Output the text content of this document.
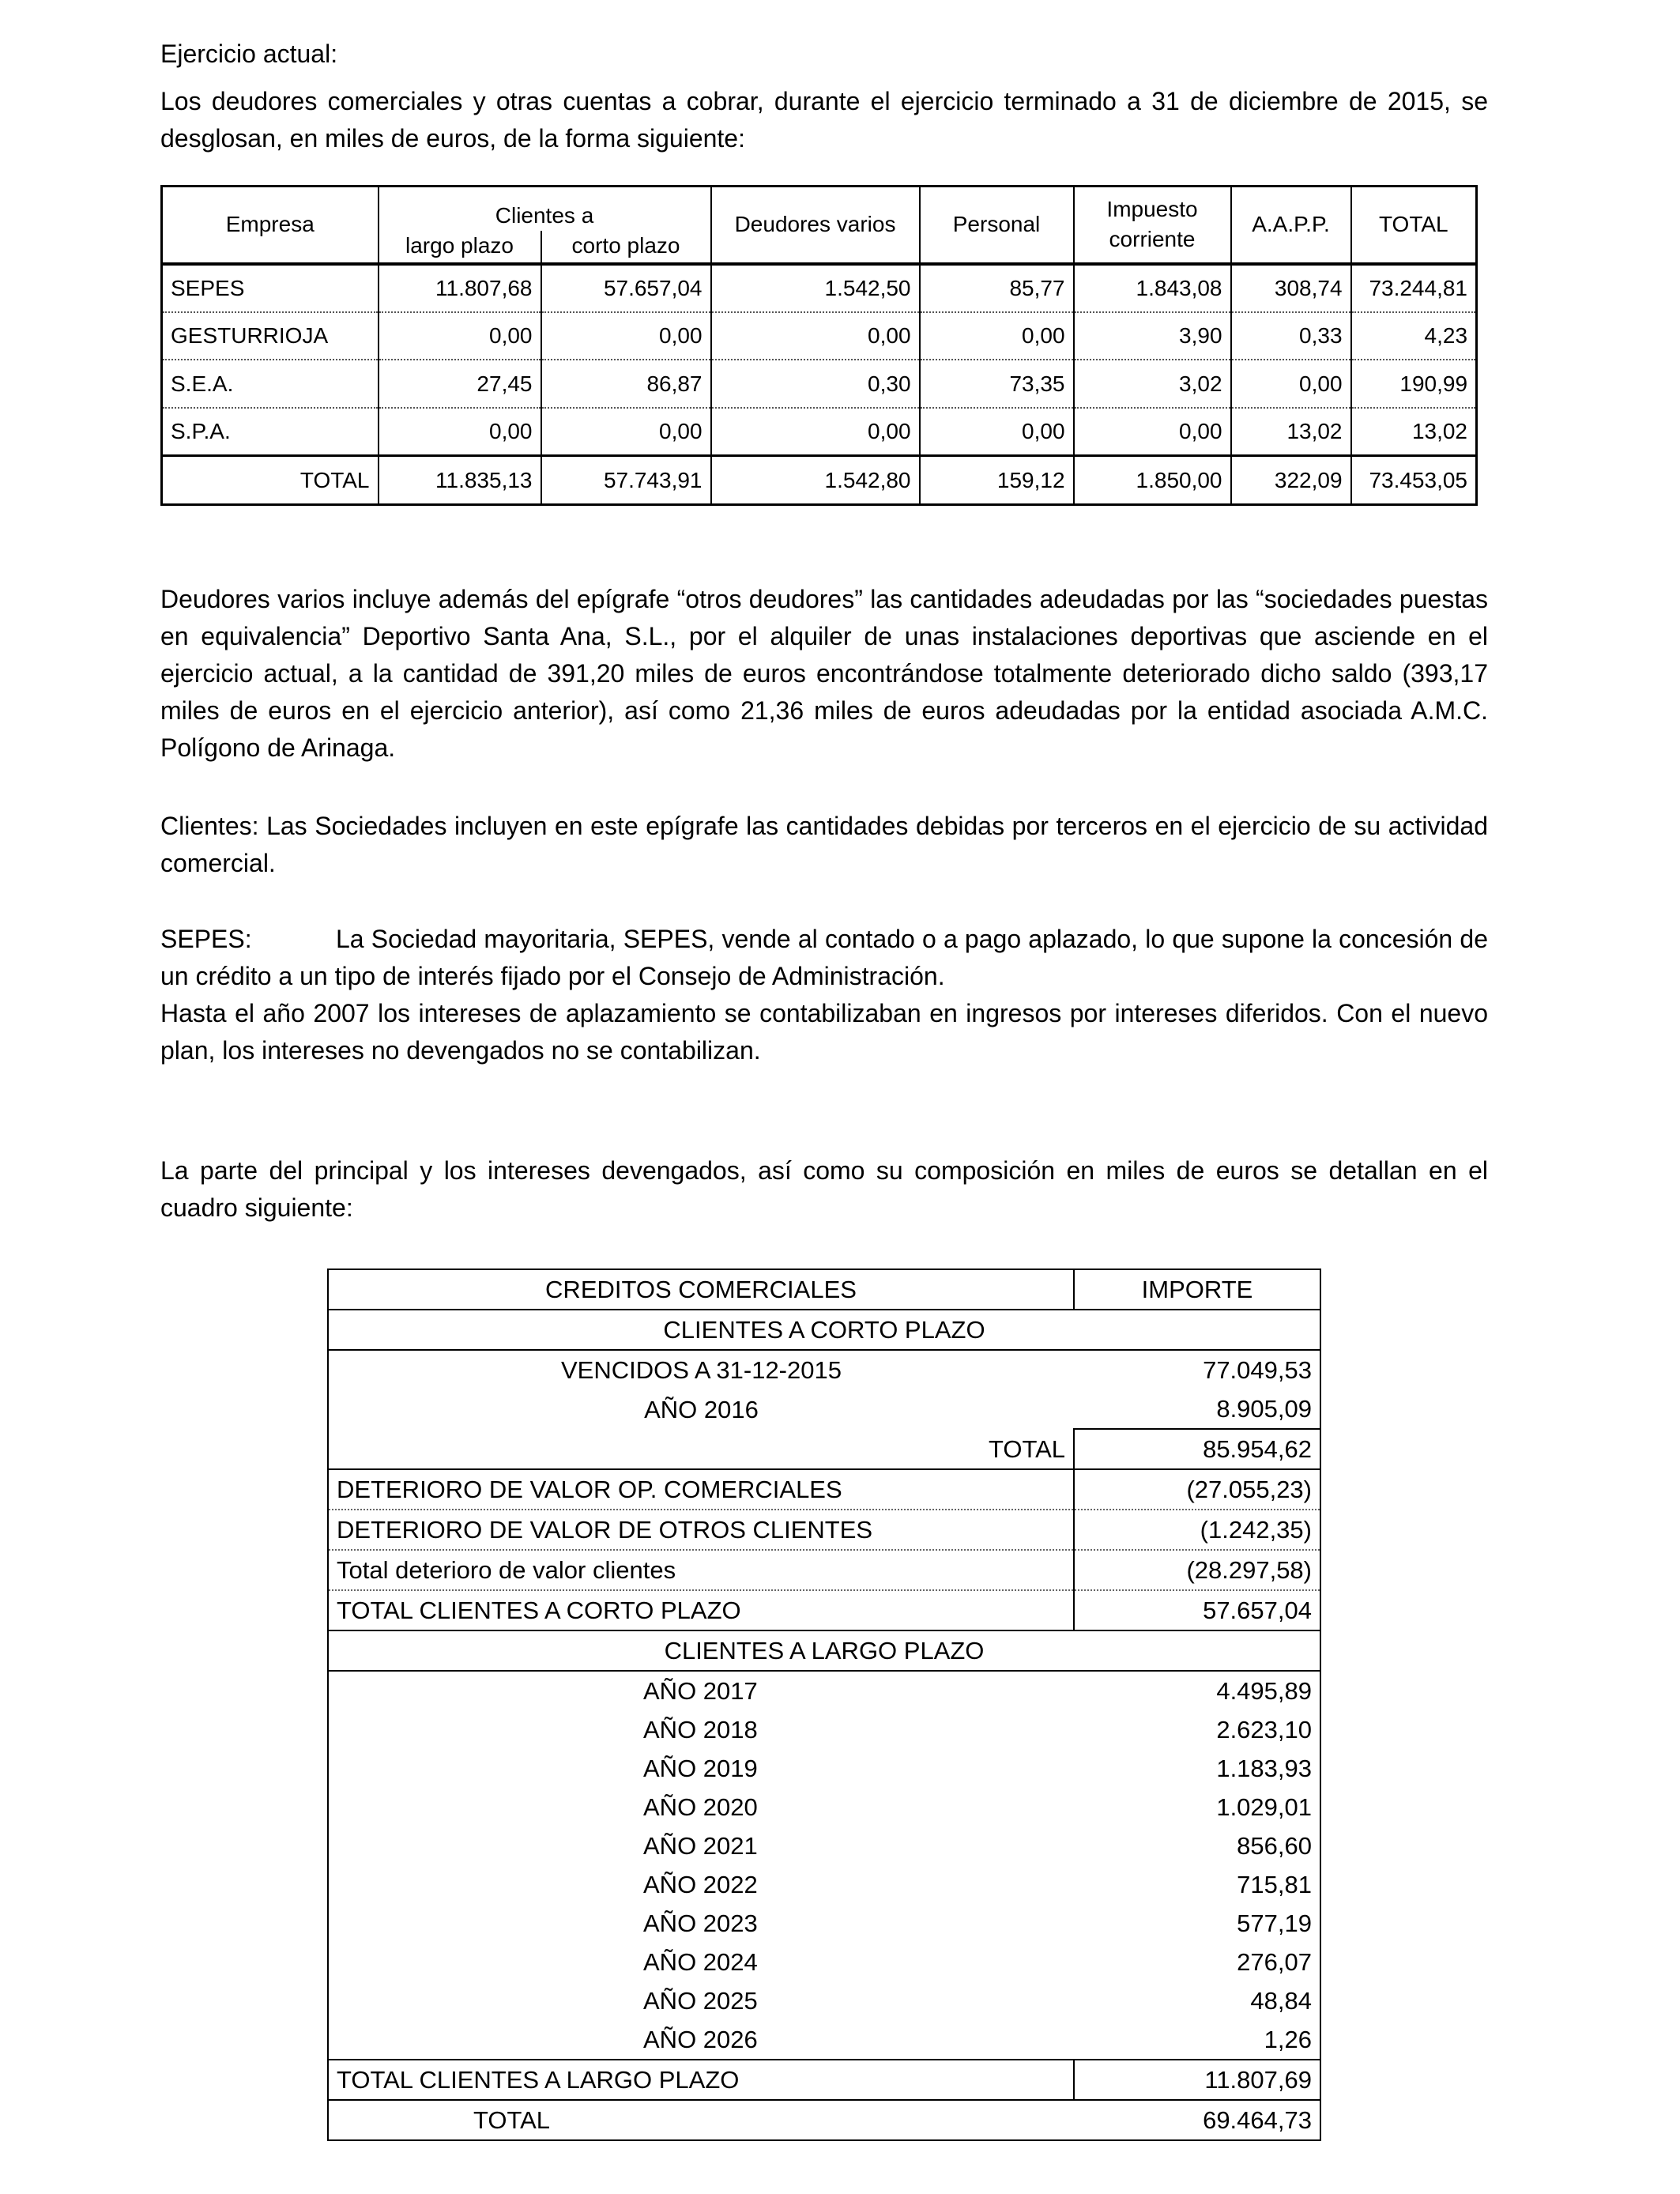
Ejercicio actual:

Los deudores comerciales y otras cuentas a cobrar, durante el ejercicio terminado a 31 de diciembre de 2015, se desglosan, en miles de euros, de la forma siguiente:

Empresa	Clientes a		Deudores varios	Personal	Impuesto corriente	A.A.P.P.	TOTAL
	largo plazo	corto plazo					
SEPES	11.807,68	57.657,04	1.542,50	85,77	1.843,08	308,74	73.244,81
GESTURRIOJA	0,00	0,00	0,00	0,00	3,90	0,33	4,23
S.E.A.	27,45	86,87	0,30	73,35	3,02	0,00	190,99
S.P.A.	0,00	0,00	0,00	0,00	0,00	13,02	13,02
TOTAL	11.835,13	57.743,91	1.542,80	159,12	1.850,00	322,09	73.453,05

Deudores varios incluye además del epígrafe “otros deudores” las cantidades adeudadas por las “sociedades puestas en equivalencia” Deportivo Santa Ana, S.L., por el alquiler de unas instalaciones deportivas que asciende en el ejercicio actual, a la cantidad de 391,20 miles de euros encontrándose totalmente deteriorado dicho saldo (393,17 miles de euros en el ejercicio anterior), así como 21,36 miles de euros adeudadas por la entidad asociada A.M.C. Polígono de Arinaga.

Clientes: Las Sociedades incluyen en este epígrafe las cantidades debidas por terceros en el ejercicio de su actividad comercial.

SEPES:	La Sociedad mayoritaria, SEPES, vende al contado o a pago aplazado, lo que supone la concesión de un crédito a un tipo de interés fijado por el Consejo de Administración.

Hasta el año 2007 los intereses de aplazamiento se contabilizaban en ingresos por intereses diferidos. Con el nuevo plan, los intereses no devengados no se contabilizan.

La parte del principal y los intereses devengados, así como su composición en miles de euros se detallan en el cuadro siguiente:

CREDITOS COMERCIALES	IMPORTE
CLIENTES A CORTO PLAZO	
VENCIDOS A 31-12-2015	77.049,53
AÑO 2016	8.905,09
TOTAL	85.954,62
DETERIORO DE VALOR OP. COMERCIALES	(27.055,23)
DETERIORO DE VALOR DE OTROS CLIENTES	(1.242,35)
Total deterioro de valor clientes	(28.297,58)
TOTAL CLIENTES A CORTO PLAZO	57.657,04
CLIENTES A LARGO PLAZO	
AÑO 2017	4.495,89
AÑO 2018	2.623,10
AÑO 2019	1.183,93
AÑO 2020	1.029,01
AÑO 2021	856,60
AÑO 2022	715,81
AÑO 2023	577,19
AÑO 2024	276,07
AÑO 2025	48,84
AÑO 2026	1,26
TOTAL CLIENTES A LARGO PLAZO	11.807,69
TOTAL	69.464,73
